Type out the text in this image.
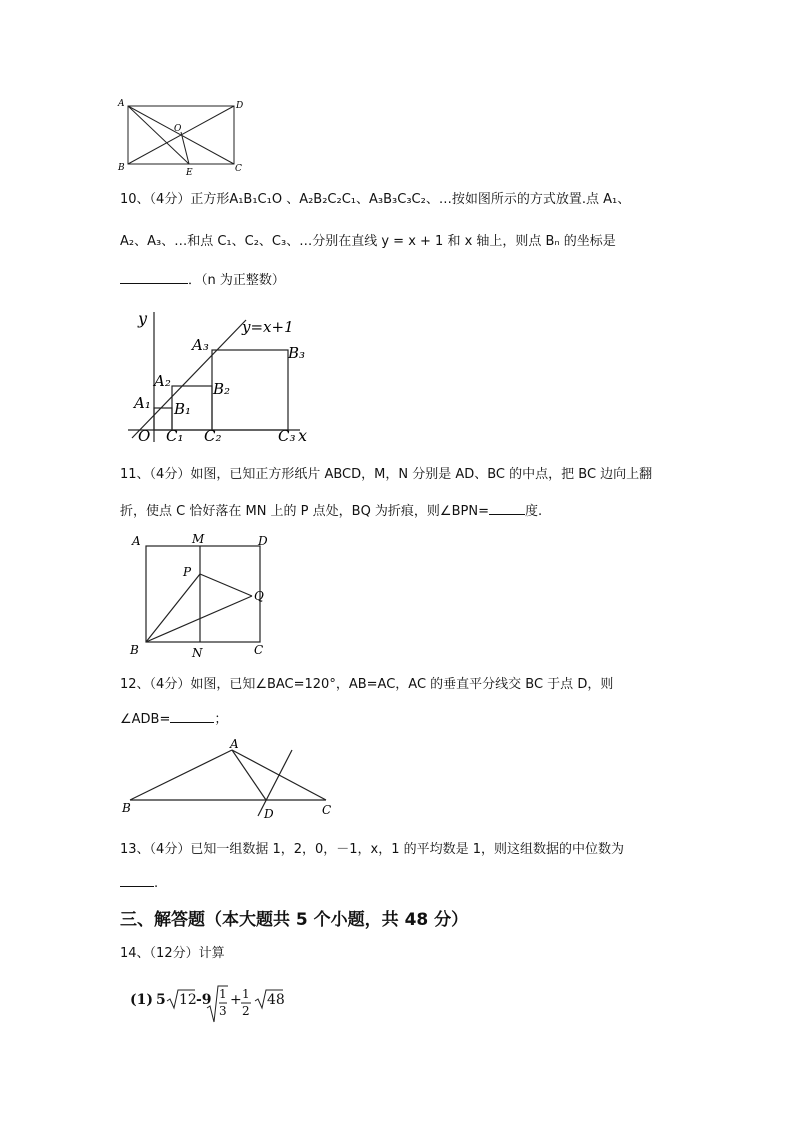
A	D
O
B	E	C
10、（4分）正方形A₁B₁C₁O 、A₂B₂C₂C₁、A₃B₃C₃C₂、…按如图所示的方式放置.点 A₁、
A₂、A₃、…和点 C₁、C₂、C₃、…分别在直线 y = x + 1 和 x 轴上，则点 Bₙ 的坐标是
．（n 为正整数）
y
x
y=x+1
O C₁ C₂	C₃
A₁
A₂
A₃
B₁
B₂
B₃
11、（4分）如图，已知正方形纸片 ABCD，M，N 分别是 AD、BC 的中点，把 BC 边向上翻
折，使点 C 恰好落在 MN 上的 P 点处，BQ 为折痕，则∠BPN=	度.
A	M	D
P
Q
B	N	C
12、（4分）如图，已知∠BAC=120°，AB=AC，AC 的垂直平分线交 BC 于点 D，则
∠ADB=	；
A
B	D	C
13、（4分）已知一组数据 1，2，0，－1，x，1 的平均数是 1，则这组数据的中位数为
.
三、解答题（本大题共 5 个小题，共 48 分）
14、（12分）计算
(1) 5 12 -9 1
3
+ 1
2
48
